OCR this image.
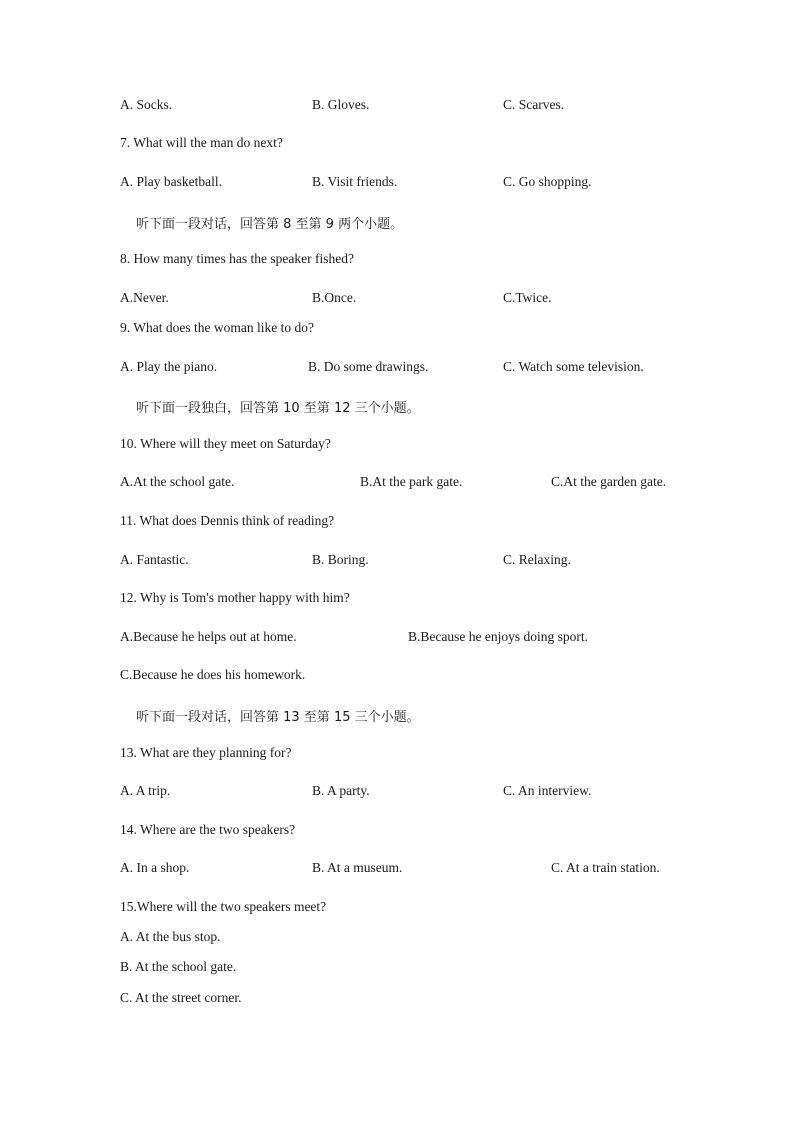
A. Socks.	B. Gloves.	C. Scarves.
7. What will the man do next?
A. Play basketball.	B. Visit friends.	C. Go shopping.
听下面一段对话，回答第 8 至第 9 两个小题。
8. How many times has the speaker fished?
A.Never.	B.Once.	C.Twice.
9. What does the woman like to do?
A. Play the piano.	B. Do some drawings.	C. Watch some television.
听下面一段独白，回答第 10 至第 12 三个小题。
10. Where will they meet on Saturday?
A.At the school gate.	B.At the park gate.	C.At the garden gate.
11. What does Dennis think of reading?
A. Fantastic.	B. Boring.	C. Relaxing.
12. Why is Tom's mother happy with him?
A.Because he helps out at home.	B.Because he enjoys doing sport.
C.Because he does his homework.
听下面一段对话，回答第 13 至第 15 三个小题。
13. What are they planning for?
A. A trip.	B. A party.	C. An interview.
14. Where are the two speakers?
A. In a shop.	B. At a museum.	C. At a train station.
15.Where will the two speakers meet?
A. At the bus stop.
B. At the school gate.
C. At the street corner.
